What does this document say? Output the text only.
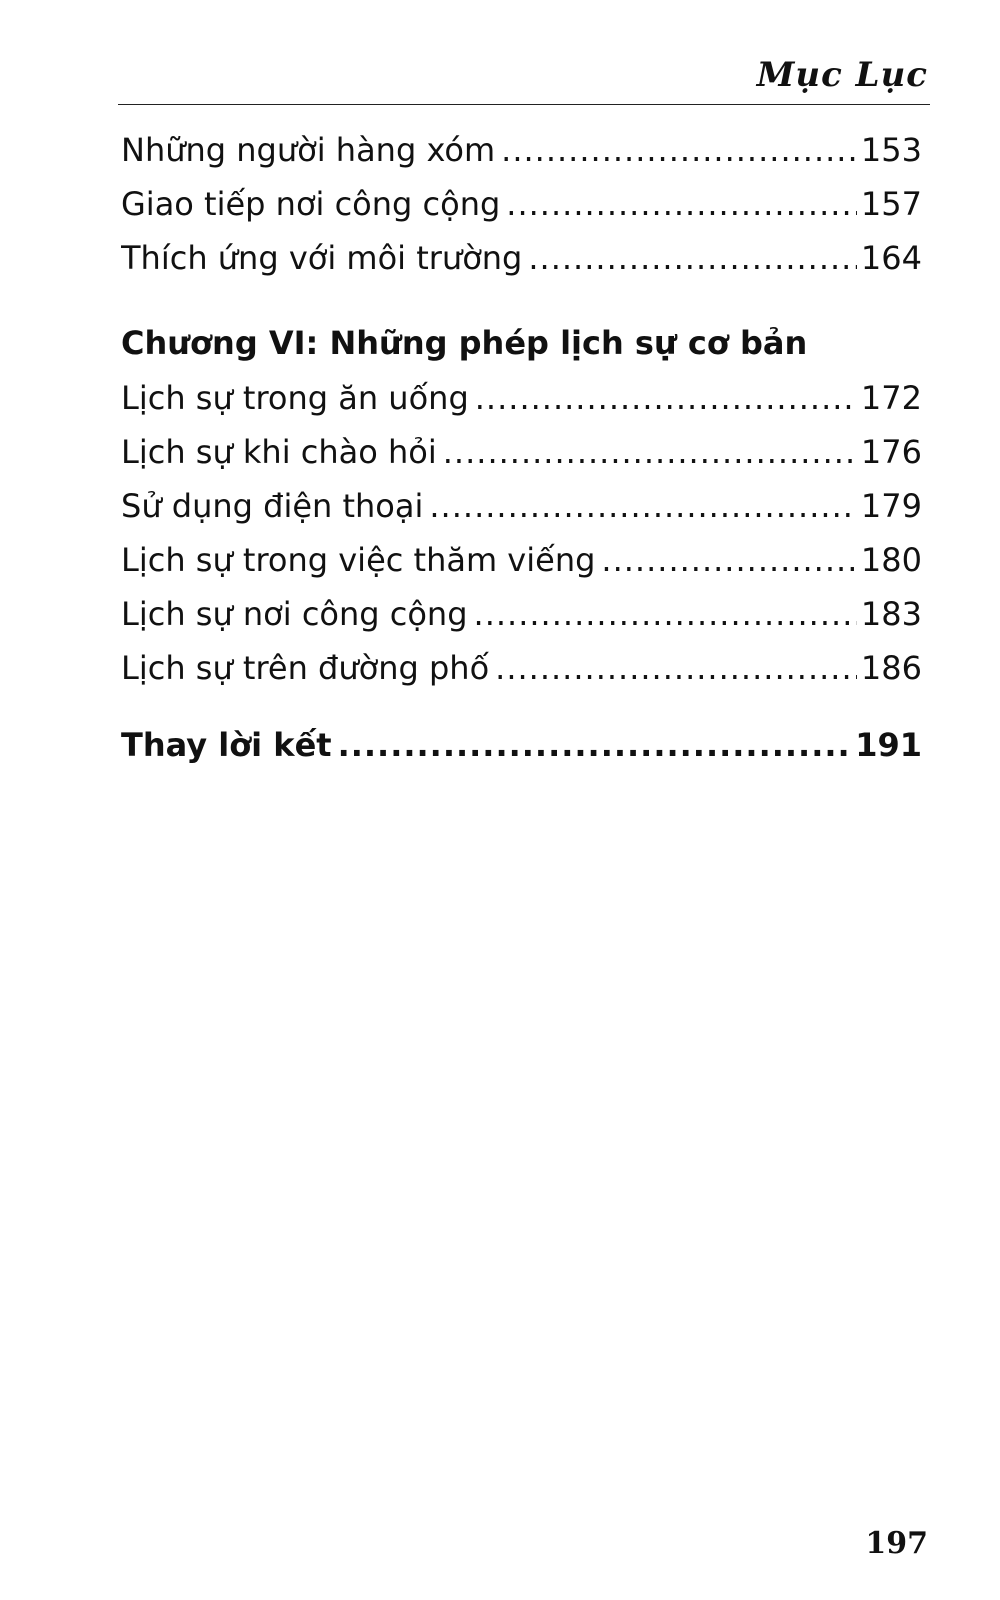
Mục Lục
Những người hàng xóm .....	153
Giao tiếp nơi công cộng .....	157
Thích ứng với môi trường .....	164
Chương VI: Những phép lịch sự cơ bản
Lịch sự trong ăn uống .....	172
Lịch sự khi chào hỏi .....	176
Sử dụng điện thoại .....	179
Lịch sự trong việc thăm viếng .....	180
Lịch sự nơi công cộng .....	183
Lịch sự trên đường phố .....	186
Thay lời kết .....	191
197
